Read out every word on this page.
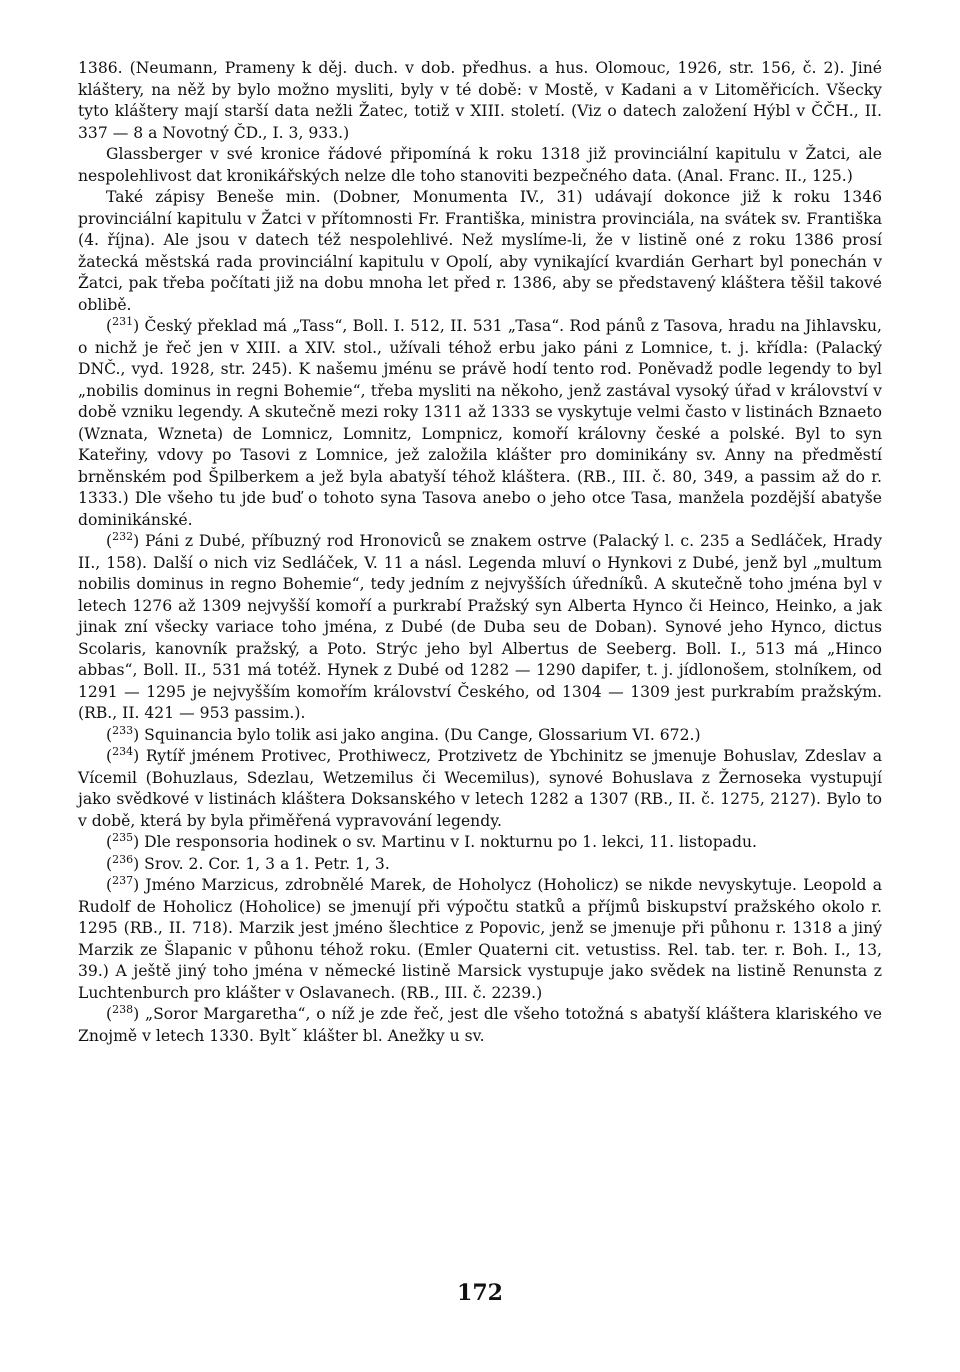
1386. (Neumann, Prameny k děj. duch. v dob. předhus. a hus. Olomouc, 1926, str. 156, č. 2). Jiné kláštery, na něž by bylo možno mysliti, byly v té době: v Mostě, v Kadani a v Litoměřicích. Všecky tyto kláštery mají starší data nežli Žatec, totiž v XIII. století. (Viz o datech založení Hýbl v ČČH., II. 337 — 8 a Novotný ČD., I. 3, 933.)

Glassberger v své kronice řádové připomíná k roku 1318 již provinciální kapitulu v Žatci, ale nespolehlivost dat kronikářských nelze dle toho stanoviti bezpečného data. (Anal. Franc. II., 125.)

Také zápisy Beneše min. (Dobner, Monumenta IV., 31) udávají dokonce již k roku 1346 provinciální kapitulu v Žatci v přítomnosti Fr. Františka, ministra provinciála, na svátek sv. Františka (4. října). Ale jsou v datech též nespolehlivé. Než myslíme-li, že v listině oné z roku 1386 prosí žatecká městská rada provinciální kapitulu v Opolí, aby vynikající kvardián Gerhart byl ponechán v Žatci, pak třeba počítati již na dobu mnoha let před r. 1386, aby se představený kláštera těšil takové oblibě.

($^{231}$) Český překlad má „Tass“, Boll. I. 512, II. 531 „Tasa“. Rod pánů z Tasova, hradu na Jihlavsku, o nichž je řeč jen v XIII. a XIV. stol., užívali téhož erbu jako páni z Lomnice, t. j. křídla: (Palacký DNČ., vyd. 1928, str. 245). K našemu jménu se právě hodí tento rod. Poněvadž podle legendy to byl „nobilis dominus in regni Bohemie“, třeba mysliti na někoho, jenž zastával vysoký úřad v království v době vzniku legendy. A skutečně mezi roky 1311 až 1333 se vyskytuje velmi často v listinách Bznaeto (Wznata, Wzneta) de Lomnicz, Lomnitz, Lompnicz, komoří královny české a polské. Byl to syn Kateřiny, vdovy po Tasovi z Lomnice, jež založila klášter pro dominikány sv. Anny na předměstí brněnském pod Špilberkem a jež byla abatyší téhož kláštera. (RB., III. č. 80, 349, a passim až do r. 1333.) Dle všeho tu jde buď o tohoto syna Tasova anebo o jeho otce Tasa, manžela pozdější abatyše dominikánské.

($^{232}$) Páni z Dubé, příbuzný rod Hronoviců se znakem ostrve (Palacký l. c. 235 a Sedláček, Hrady II., 158). Další o nich viz Sedláček, V. 11 a násl. Legenda mluví o Hynkovi z Dubé, jenž byl „multum nobilis dominus in regno Bohemie“, tedy jedním z nejvyšších úředníků. A skutečně toho jména byl v letech 1276 až 1309 nejvyšší komoří a purkrabí Pražský syn Alberta Hynco či Heinco, Heinko, a jak jinak zní všecky variace toho jména, z Dubé (de Duba seu de Doban). Synové jeho Hynco, dictus Scolaris, kanovník pražský, a Poto. Strýc jeho byl Albertus de Seeberg. Boll. I., 513 má „Hinco abbas“, Boll. II., 531 má totéž. Hynek z Dubé od 1282 — 1290 dapifer, t. j. jídlonošem, stolníkem, od 1291 — 1295 je nejvyšším komořím království Českého, od 1304 — 1309 jest purkrabím pražským. (RB., II. 421 — 953 passim.).

($^{233}$) Squinancia bylo tolik asi jako angina. (Du Cange, Glossarium VI. 672.)

($^{234}$) Rytíř jménem Protivec, Prothiwecz, Protzivetz de Ybchinitz se jmenuje Bohuslav, Zdeslav a Vícemil (Bohuzlaus, Sdezlau, Wetzemilus či Wecemilus), synové Bohuslava z Žernoseka vystupují jako svědkové v listinách kláštera Doksanského v letech 1282 a 1307 (RB., II. č. 1275, 2127). Bylo to v době, která by byla přiměřená vypravování legendy.

($^{235}$) Dle responsoria hodinek o sv. Martinu v I. nokturnu po 1. lekci, 11. listopadu.

($^{236}$) Srov. 2. Cor. 1, 3 a 1. Petr. 1, 3.

($^{237}$) Jméno Marzicus, zdrobnělé Marek, de Hoholycz (Hoholicz) se nikde nevyskytuje. Leopold a Rudolf de Hoholicz (Hoholice) se jmenují při výpočtu statků a příjmů biskupství pražského okolo r. 1295 (RB., II. 718). Marzik jest jméno šlechtice z Popovic, jenž se jmenuje při půhonu r. 1318 a jiný Marzik ze Šlapanic v půhonu téhož roku. (Emler Quaterni cit. vetustiss. Rel. tab. ter. r. Boh. I., 13, 39.) A ještě jiný toho jména v německé listině Marsick vystupuje jako svědek na listině Renunsta z Luchtenburch pro klášter v Oslavanech. (RB., III. č. 2239.)

($^{238}$) „Soror Margaretha“, o níž je zde řeč, jest dle všeho totožná s abatyší kláštera klariského ve Znojmě v letech 1330. Byltˇ klášter bl. Anežky u sv.

172
